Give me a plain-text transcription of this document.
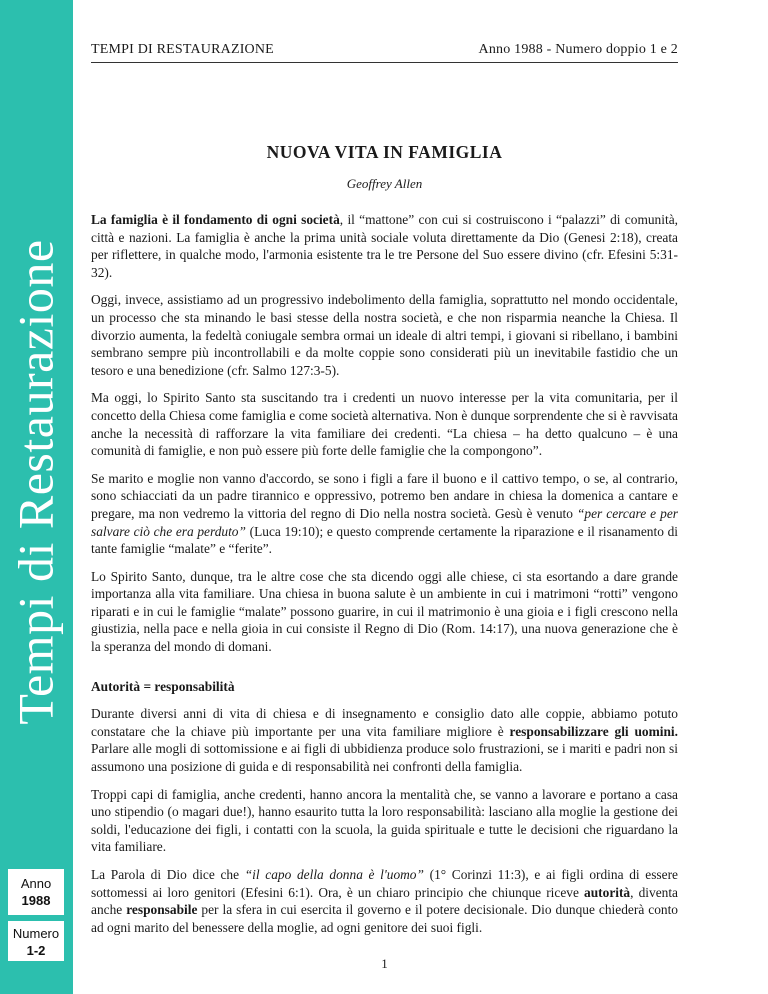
Tempi di Restaurazione
Anno
1988
Numero
1-2
TEMPI DI RESTAURAZIONE	Anno 1988 - Numero doppio 1 e 2
NUOVA VITA IN FAMIGLIA
Geoffrey Allen

La famiglia è il fondamento di ogni società, il “mattone” con cui si costruiscono i “palazzi” di comunità, città e nazioni. La famiglia è anche la prima unità sociale voluta direttamente da Dio (Genesi 2:18), creata per riflettere, in qualche modo, l'armonia esistente tra le tre Persone del Suo essere divino (cfr. Efesini 5:31-32).

Oggi, invece, assistiamo ad un progressivo indebolimento della famiglia, soprattutto nel mondo occidentale, un processo che sta minando le basi stesse della nostra società, e che non risparmia neanche la Chiesa. Il divorzio aumenta, la fedeltà coniugale sembra ormai un ideale di altri tempi, i giovani si ribellano, i bambini sembrano sempre più incontrollabili e da molte coppie sono considerati più un inevitabile fastidio che un tesoro e una benedizione (cfr. Salmo 127:3-5).

Ma oggi, lo Spirito Santo sta suscitando tra i credenti un nuovo interesse per la vita comunitaria, per il concetto della Chiesa come famiglia e come società alternativa. Non è dunque sorprendente che si è ravvisata anche la necessità di rafforzare la vita familiare dei credenti. “La chiesa – ha detto qualcuno – è una comunità di famiglie, e non può essere più forte delle famiglie che la compongono”.

Se marito e moglie non vanno d'accordo, se sono i figli a fare il buono e il cattivo tempo, o se, al contrario, sono schiacciati da un padre tirannico e oppressivo, potremo ben andare in chiesa la domenica a cantare e pregare, ma non vedremo la vittoria del regno di Dio nella nostra società. Gesù è venuto “per cercare e per salvare ciò che era perduto” (Luca 19:10); e questo comprende certamente la riparazione e il risanamento di tante famiglie “malate” e “ferite”.

Lo Spirito Santo, dunque, tra le altre cose che sta dicendo oggi alle chiese, ci sta esortando a dare grande importanza alla vita familiare. Una chiesa in buona salute è un ambiente in cui i matrimoni “rotti” vengono riparati e in cui le famiglie “malate” possono guarire, in cui il matrimonio è una gioia e i figli crescono nella giustizia, nella pace e nella gioia in cui consiste il Regno di Dio (Rom. 14:17), una nuova generazione che è la speranza del mondo di domani.

Autorità = responsabilità

Durante diversi anni di vita di chiesa e di insegnamento e consiglio dato alle coppie, abbiamo potuto constatare che la chiave più importante per una vita familiare migliore è responsabilizzare gli uomini. Parlare alle mogli di sottomissione e ai figli di ubbidienza produce solo frustrazioni, se i mariti e padri non si assumono una posizione di guida e di responsabilità nei confronti della famiglia.

Troppi capi di famiglia, anche credenti, hanno ancora la mentalità che, se vanno a lavorare e portano a casa uno stipendio (o magari due!), hanno esaurito tutta la loro responsabilità: lasciano alla moglie la gestione dei soldi, l'educazione dei figli, i contatti con la scuola, la guida spirituale e tutte le decisioni che riguardano la vita familiare.

La Parola di Dio dice che “il capo della donna è l'uomo” (1° Corinzi 11:3), e ai figli ordina di essere sottomessi ai loro genitori (Efesini 6:1). Ora, è un chiaro principio che chiunque riceve autorità, diventa anche responsabile per la sfera in cui esercita il governo e il potere decisionale. Dio dunque chiederà conto ad ogni marito del benessere della moglie, ad ogni genitore dei suoi figli.

1
